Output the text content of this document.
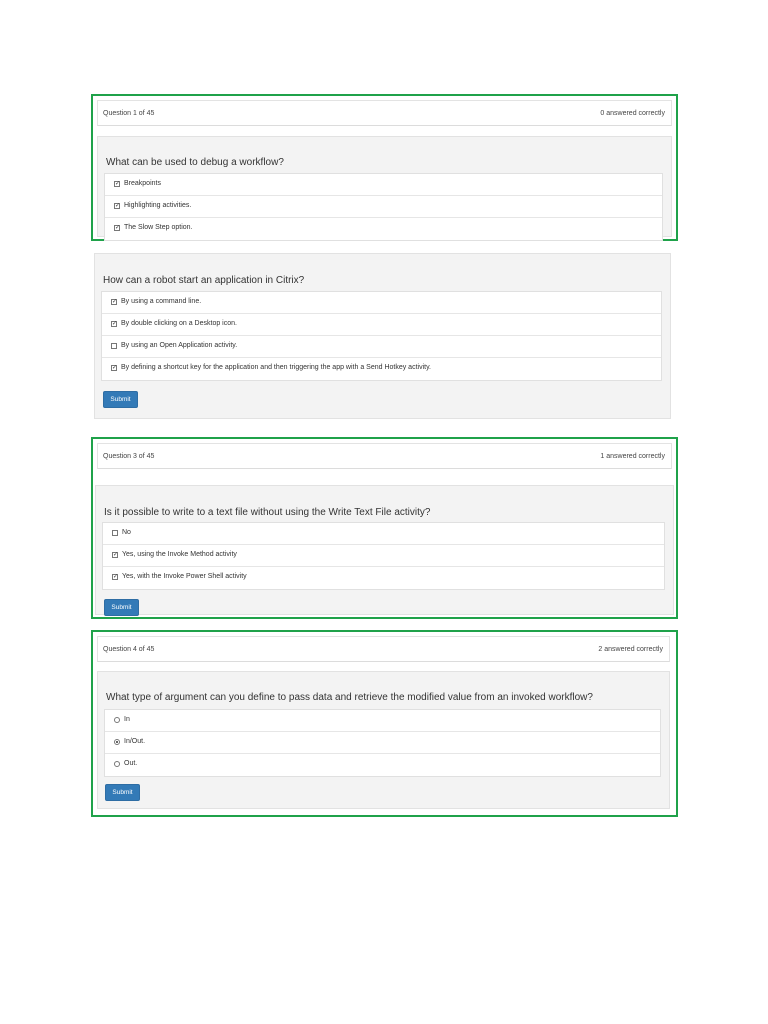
Question 1 of 45	0 answered correctly
What can be used to debug a workflow?
✓ Breakpoints
✓ Highlighting activities.
✓ The Slow Step option.
How can a robot start an application in Citrix?
✓ By using a command line.
✓ By double clicking on a Desktop icon.
By using an Open Application activity.
✓ By defining a shortcut key for the application and then triggering the app with a Send Hotkey activity.
Submit
Question 3 of 45	1 answered correctly
Is it possible to write to a text file without using the Write Text File activity?
No
✓ Yes, using the Invoke Method activity
✓ Yes, with the Invoke Power Shell activity
Submit
Question 4 of 45	2 answered correctly
What type of argument can you define to pass data and retrieve the modified value from an invoked workflow?
In
In/Out.
Out.
Submit
